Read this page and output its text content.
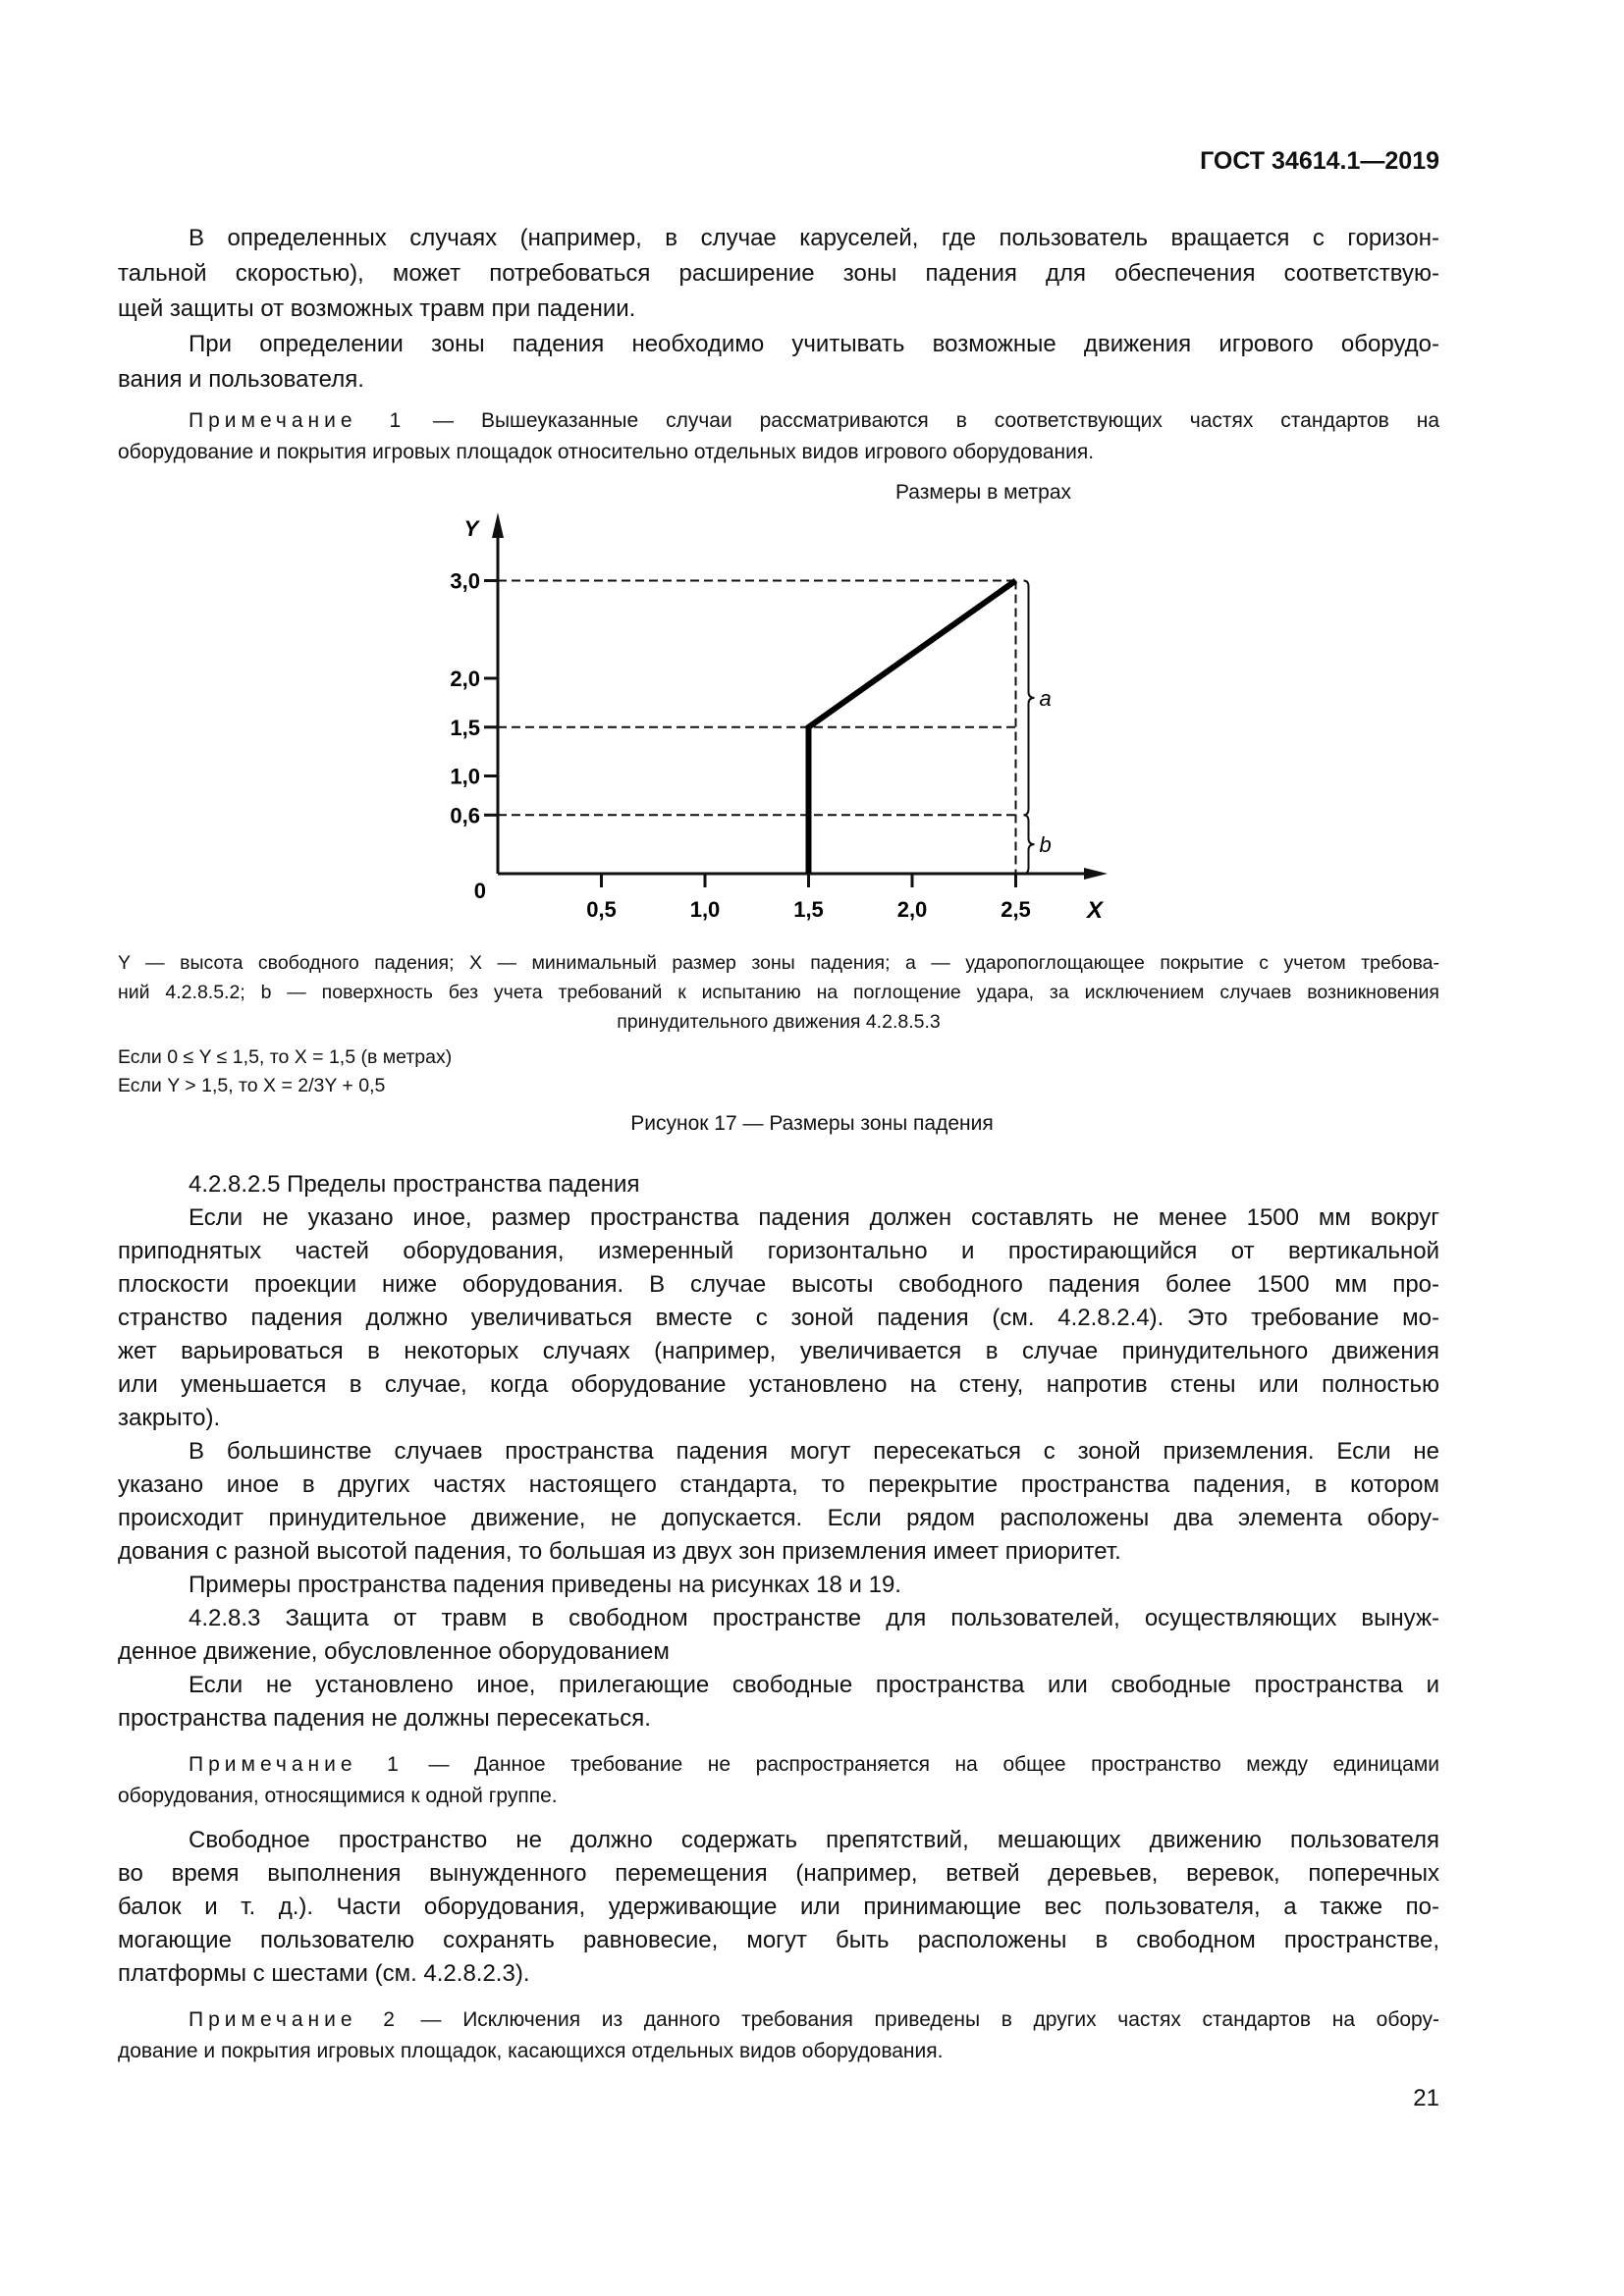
ГОСТ 34614.1—2019
В определенных случаях (например, в случае каруселей, где пользователь вращается с горизон-
тальной скоростью), может потребоваться расширение зоны падения для обеспечения соответствую-
щей защиты от возможных травм при падении.
При определении зоны падения необходимо учитывать возможные движения игрового оборудо-
вания и пользователя.
Примечание 1 — Вышеуказанные случаи рассматриваются в соответствующих частях стандартов на
оборудование и покрытия игровых площадок относительно отдельных видов игрового оборудования.
Размеры в метрах
0,6
1,0
1,5
2,0
3,0
0,5	1,0	1,5	2,0	2,5
0
Y
X
a
b
Y — высота свободного падения; X — минимальный размер зоны падения; a — ударопоглощающее покрытие с учетом требова-
ний 4.2.8.5.2; b — поверхность без учета требований к испытанию на поглощение удара, за исключением случаев возникновения
принудительного движения 4.2.8.5.3
Если 0 ≤ Y ≤ 1,5, то X = 1,5 (в метрах)
Если Y > 1,5, то X = 2/3Y + 0,5
Рисунок 17 — Размеры зоны падения
4.2.8.2.5 Пределы пространства падения
Если не указано иное, размер пространства падения должен составлять не менее 1500 мм вокруг
приподнятых частей оборудования, измеренный горизонтально и простирающийся от вертикальной
плоскости проекции ниже оборудования. В случае высоты свободного падения более 1500 мм про-
странство падения должно увеличиваться вместе с зоной падения (см. 4.2.8.2.4). Это требование мо-
жет варьироваться в некоторых случаях (например, увеличивается в случае принудительного движения
или уменьшается в случае, когда оборудование установлено на стену, напротив стены или полностью
закрыто).
В большинстве случаев пространства падения могут пересекаться с зоной приземления. Если не
указано иное в других частях настоящего стандарта, то перекрытие пространства падения, в котором
происходит принудительное движение, не допускается. Если рядом расположены два элемента обору-
дования с разной высотой падения, то большая из двух зон приземления имеет приоритет.
Примеры пространства падения приведены на рисунках 18 и 19.
4.2.8.3 Защита от травм в свободном пространстве для пользователей, осуществляющих вынуж-
денное движение, обусловленное оборудованием
Если не установлено иное, прилегающие свободные пространства или свободные пространства и
пространства падения не должны пересекаться.
Примечание 1 — Данное требование не распространяется на общее пространство между единицами
оборудования, относящимися к одной группе.
Свободное пространство не должно содержать препятствий, мешающих движению пользователя
во время выполнения вынужденного перемещения (например, ветвей деревьев, веревок, поперечных
балок и т. д.). Части оборудования, удерживающие или принимающие вес пользователя, а также по-
могающие пользователю сохранять равновесие, могут быть расположены в свободном пространстве,
платформы с шестами (см. 4.2.8.2.3).
Примечание 2 — Исключения из данного требования приведены в других частях стандартов на обору-
дование и покрытия игровых площадок, касающихся отдельных видов оборудования.
21
